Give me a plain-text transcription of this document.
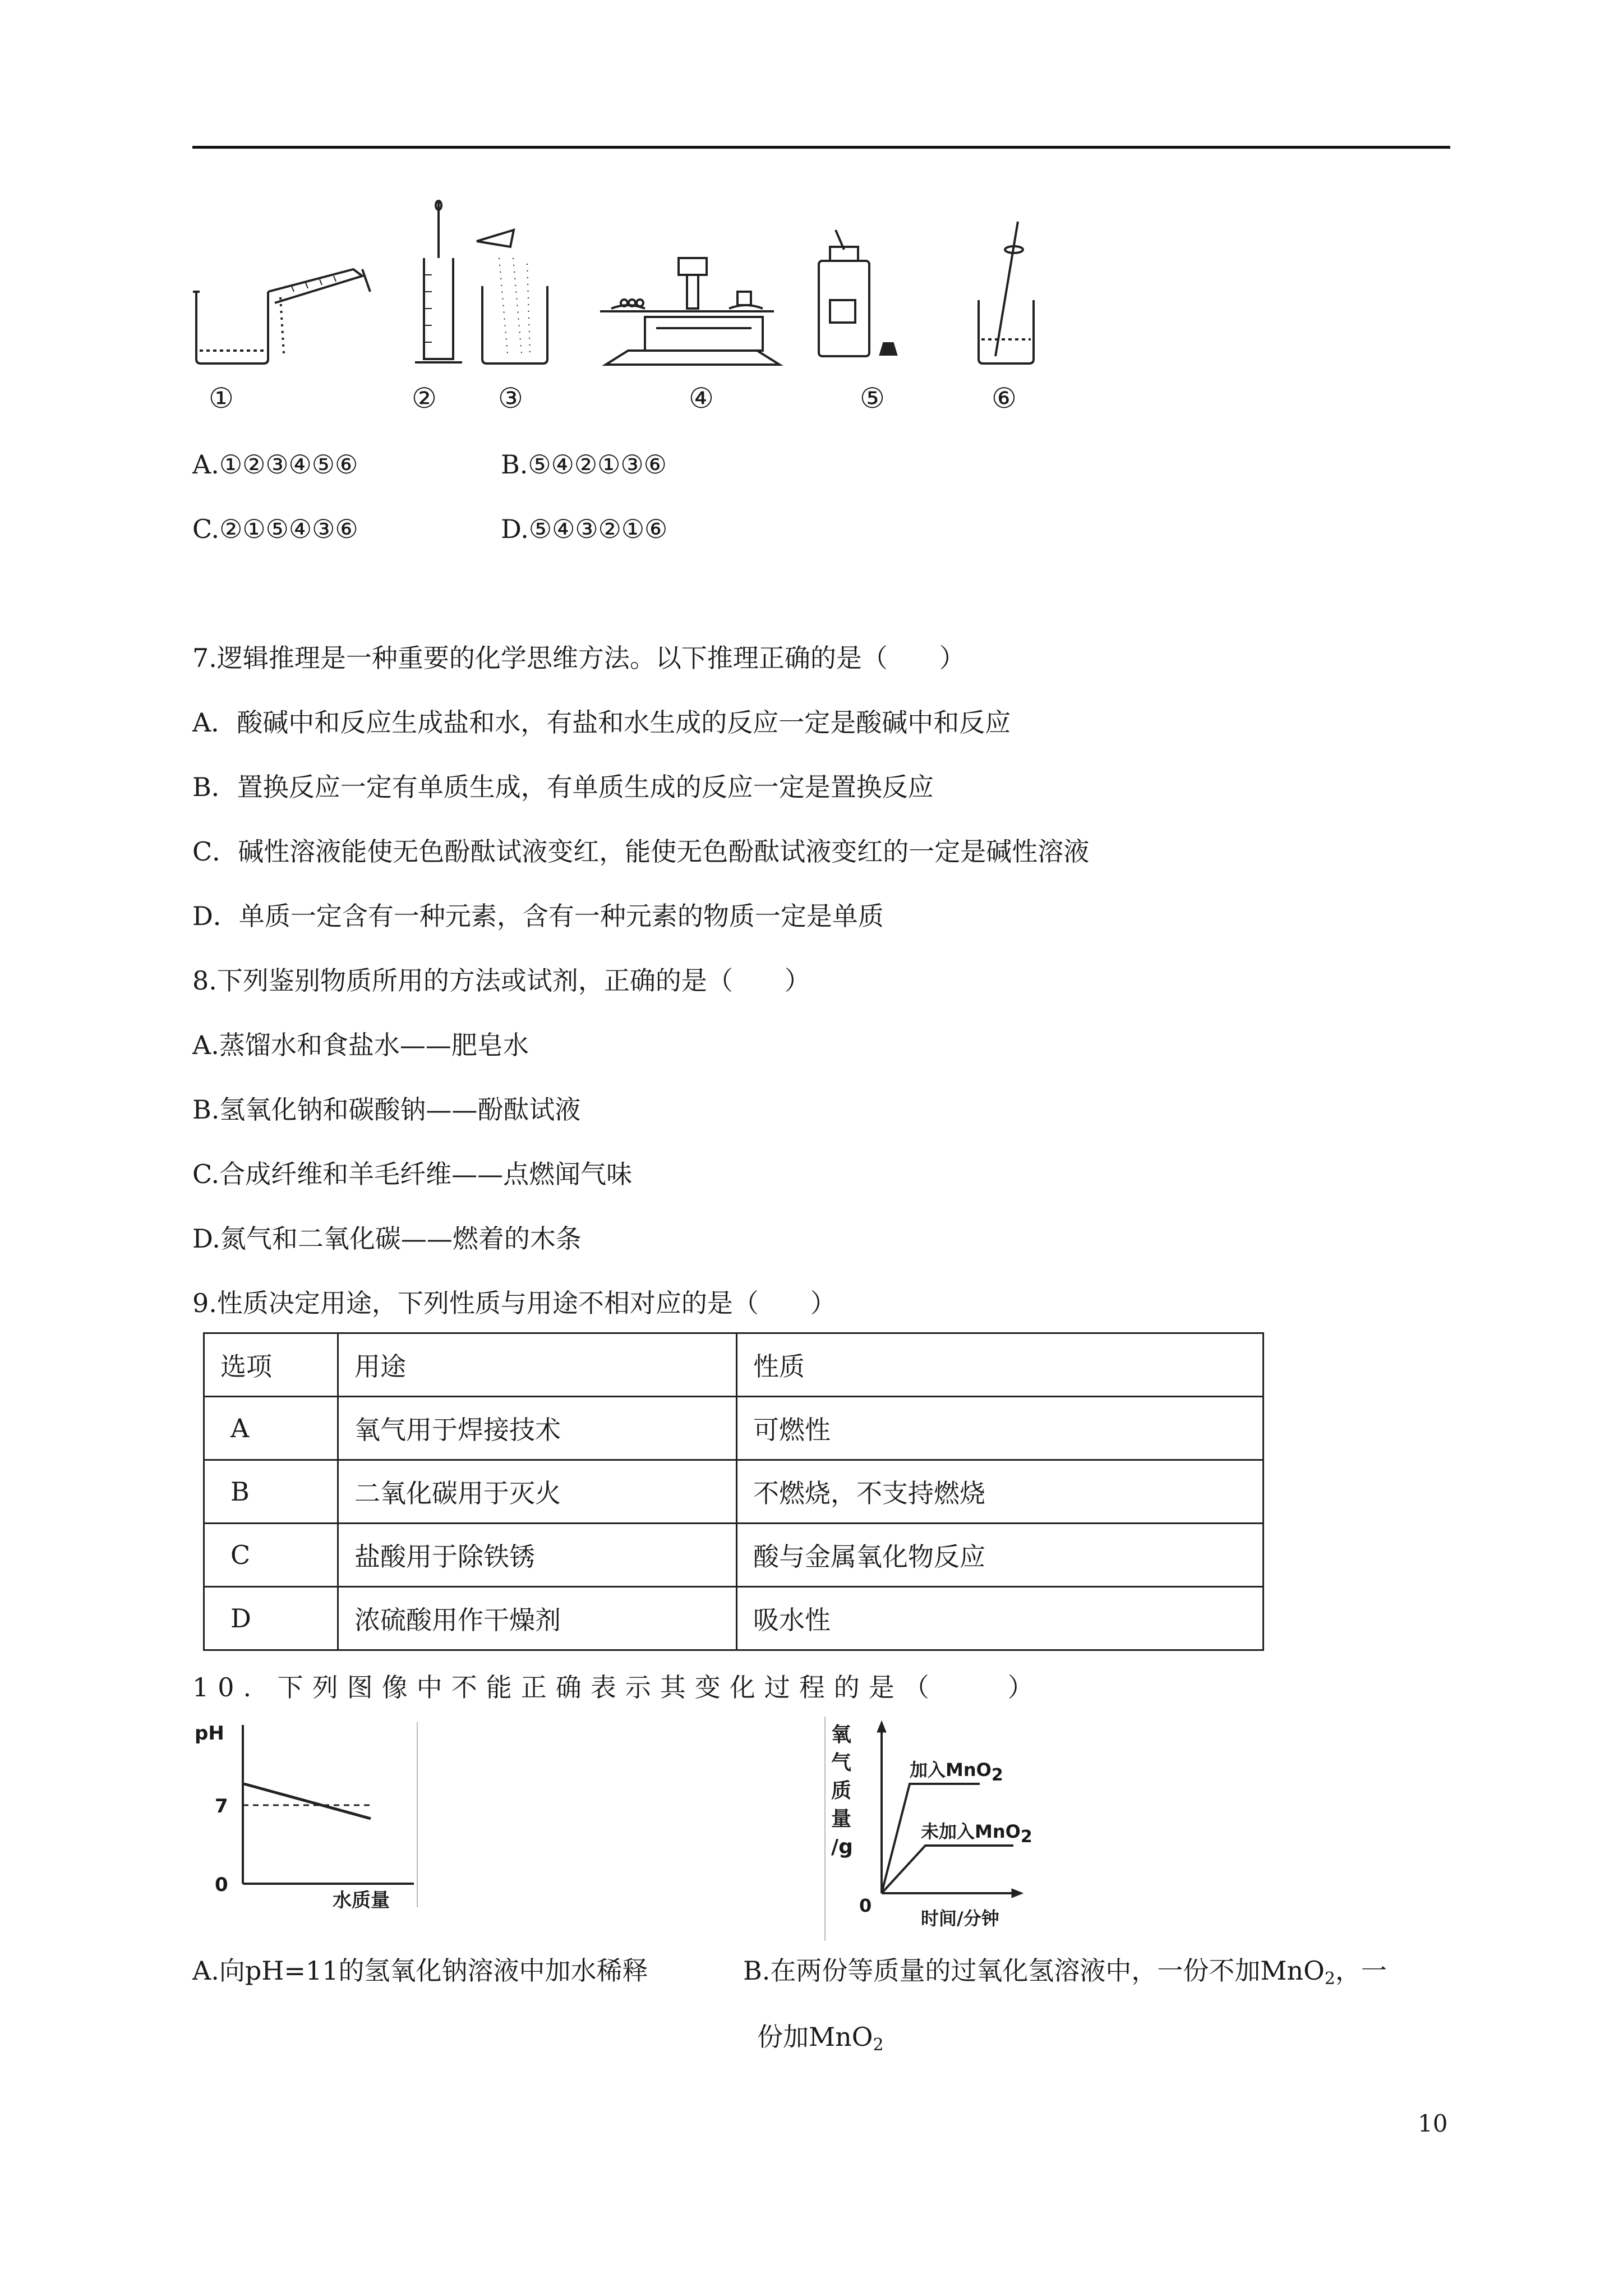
①	② ③	④	⑤	⑥
A.①②③④⑤⑥	B.⑤④②①③⑥
C.②①⑤④③⑥	D.⑤④③②①⑥
7.逻辑推理是一种重要的化学思维方法。以下推理正确的是（　　）
A．酸碱中和反应生成盐和水，有盐和水生成的反应一定是酸碱中和反应
B．置换反应一定有单质生成，有单质生成的反应一定是置换反应
C．碱性溶液能使无色酚酞试液变红，能使无色酚酞试液变红的一定是碱性溶液
D．单质一定含有一种元素，含有一种元素的物质一定是单质
8.下列鉴别物质所用的方法或试剂，正确的是（　　）
A.蒸馏水和食盐水——肥皂水
B.氢氧化钠和碳酸钠——酚酞试液
C.合成纤维和羊毛纤维——点燃闻气味
D.氮气和二氧化碳——燃着的木条
9.性质决定用途，下列性质与用途不相对应的是（　　）
选项	用途	性质
A	氧气用于焊接技术	可燃性
B	二氧化碳用于灭火	不燃烧，不支持燃烧
C	盐酸用于除铁锈	酸与金属氧化物反应
D	浓硫酸用作干燥剂	吸水性
10. 下列图像中不能正确表示其变化过程的是（　　）
pH
7
0
水质量
氧
气
质
量
/g
0
时间/分钟
加入MnO$_2$
未加入MnO$_2$
A.向pH=11的氢氧化钠溶液中加水稀释	B.在两份等质量的过氧化氢溶液中，一份不加MnO$_2$，一
份加MnO$_2$
10
